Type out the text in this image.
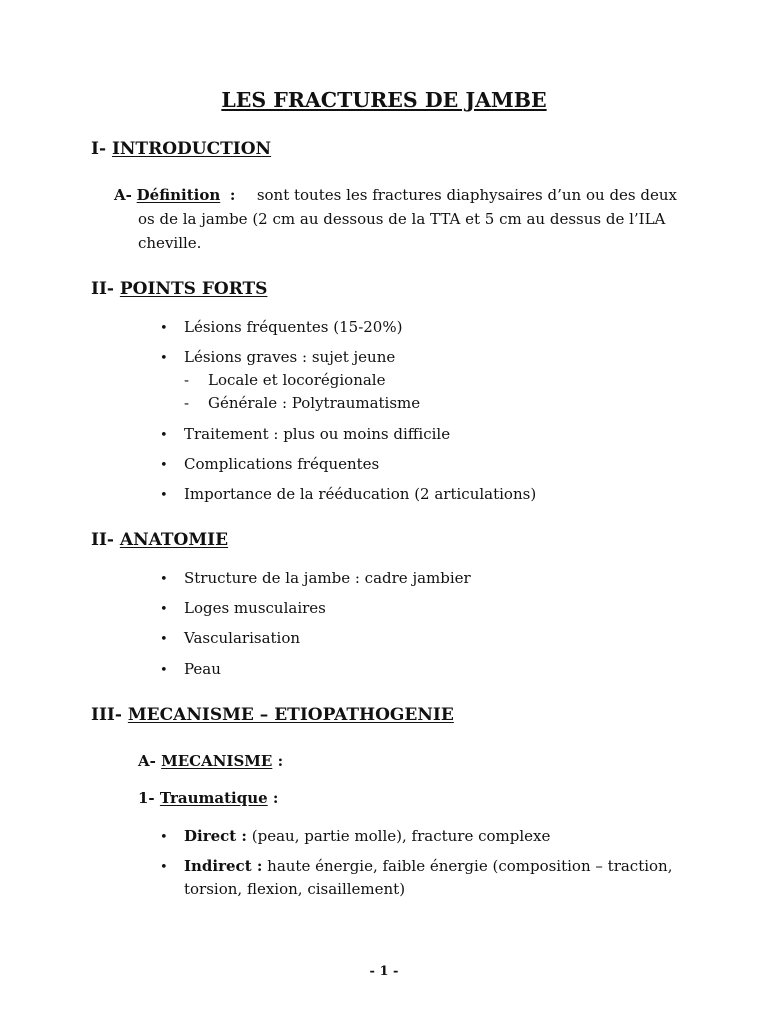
LES FRACTURES DE JAMBE
I- INTRODUCTION
A- Définition : sont toutes les fractures diaphysaires d’un ou des deux
os de la jambe (2 cm au dessous de la TTA et 5 cm au dessus de l’ILA
cheville.
II- POINTS FORTS
• Lésions fréquentes (15-20%)
• Lésions graves : sujet jeune
- Locale et locorégionale
- Générale : Polytraumatisme
• Traitement : plus ou moins difficile
• Complications fréquentes
• Importance de la rééducation (2 articulations)
II- ANATOMIE
• Structure de la jambe : cadre jambier
• Loges musculaires
• Vascularisation
• Peau
III- MECANISME – ETIOPATHOGENIE
A- MECANISME :
1- Traumatique :
• Direct : (peau, partie molle), fracture complexe
• Indirect : haute énergie, faible énergie (composition – traction,
torsion, flexion, cisaillement)
- 1 -
